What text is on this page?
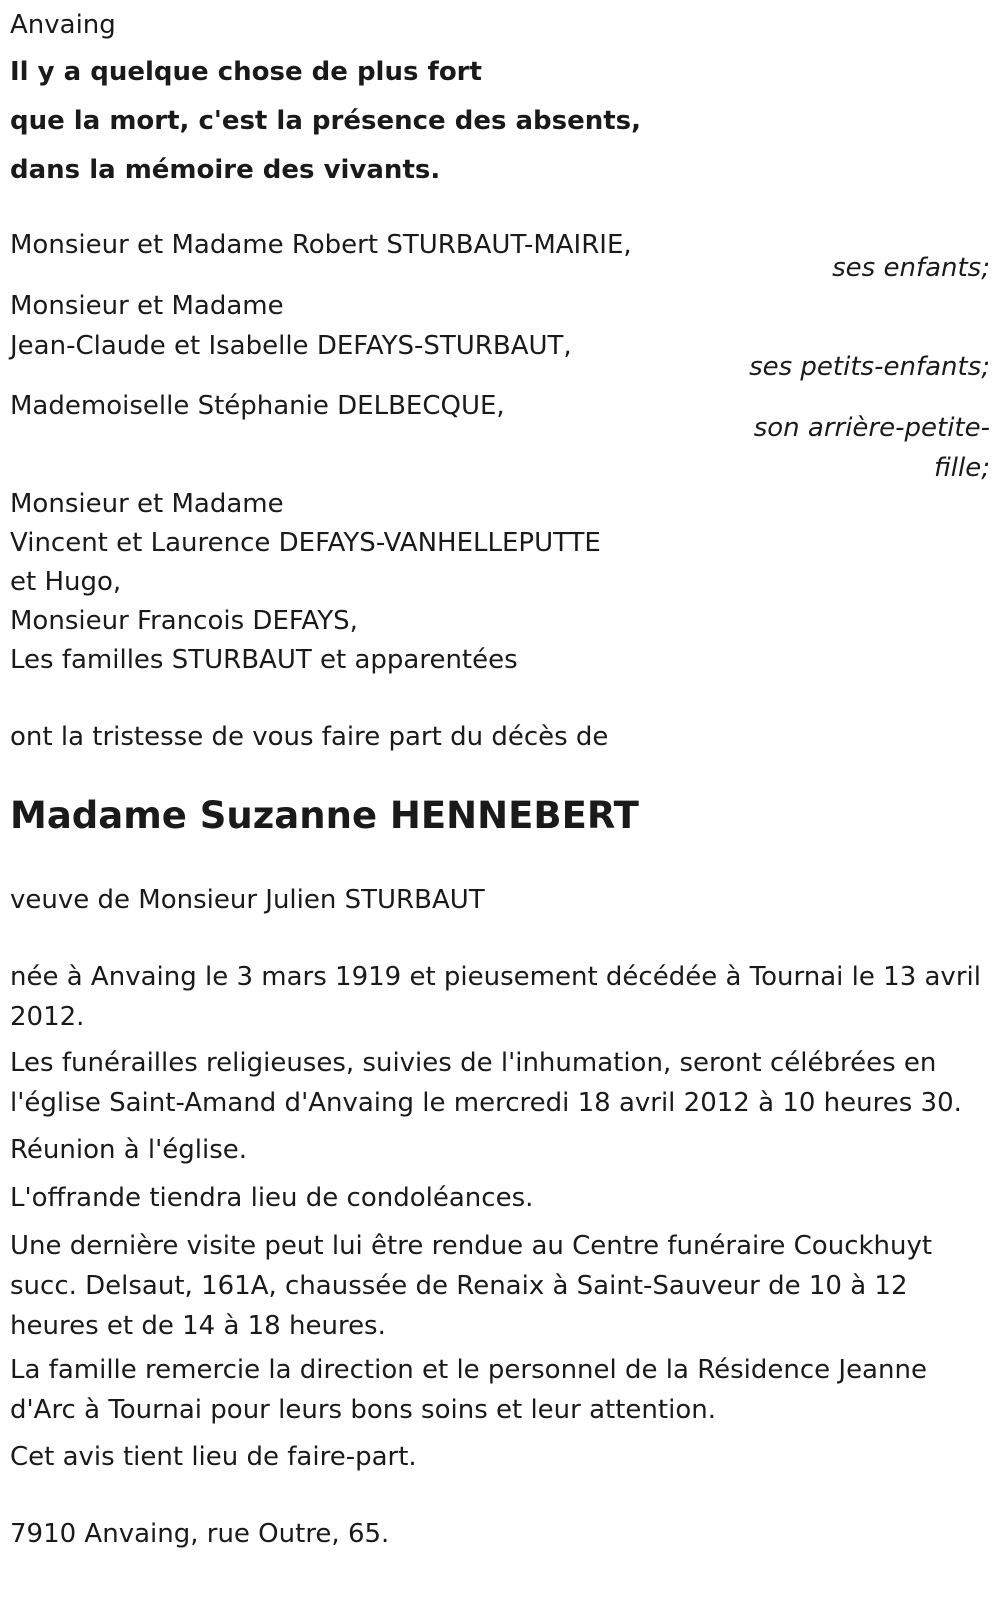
Anvaing
Il y a quelque chose de plus fort
que la mort, c'est la présence des absents,
dans la mémoire des vivants.
Monsieur et Madame Robert STURBAUT-MAIRIE,
ses enfants;
Monsieur et Madame
Jean-Claude et Isabelle DEFAYS-STURBAUT,
ses petits-enfants;
Mademoiselle Stéphanie DELBECQUE,
son arrière-petite-
fille;
Monsieur et Madame
Vincent et Laurence DEFAYS-VANHELLEPUTTE
et Hugo,
Monsieur Francois DEFAYS,
Les familles STURBAUT et apparentées
ont la tristesse de vous faire part du décès de
Madame Suzanne HENNEBERT
veuve de Monsieur Julien STURBAUT
née à Anvaing le 3 mars 1919 et pieusement décédée à Tournai le 13 avril 2012.
Les funérailles religieuses, suivies de l'inhumation, seront célébrées en l'église Saint-Amand d'Anvaing le mercredi 18 avril 2012 à 10 heures 30.
Réunion à l'église.
L'offrande tiendra lieu de condoléances.
Une dernière visite peut lui être rendue au Centre funéraire Couckhuyt succ. Delsaut, 161A, chaussée de Renaix à Saint-Sauveur de 10 à 12 heures et de 14 à 18 heures.
La famille remercie la direction et le personnel de la Résidence Jeanne d'Arc à Tournai pour leurs bons soins et leur attention.
Cet avis tient lieu de faire-part.
7910 Anvaing, rue Outre, 65.
